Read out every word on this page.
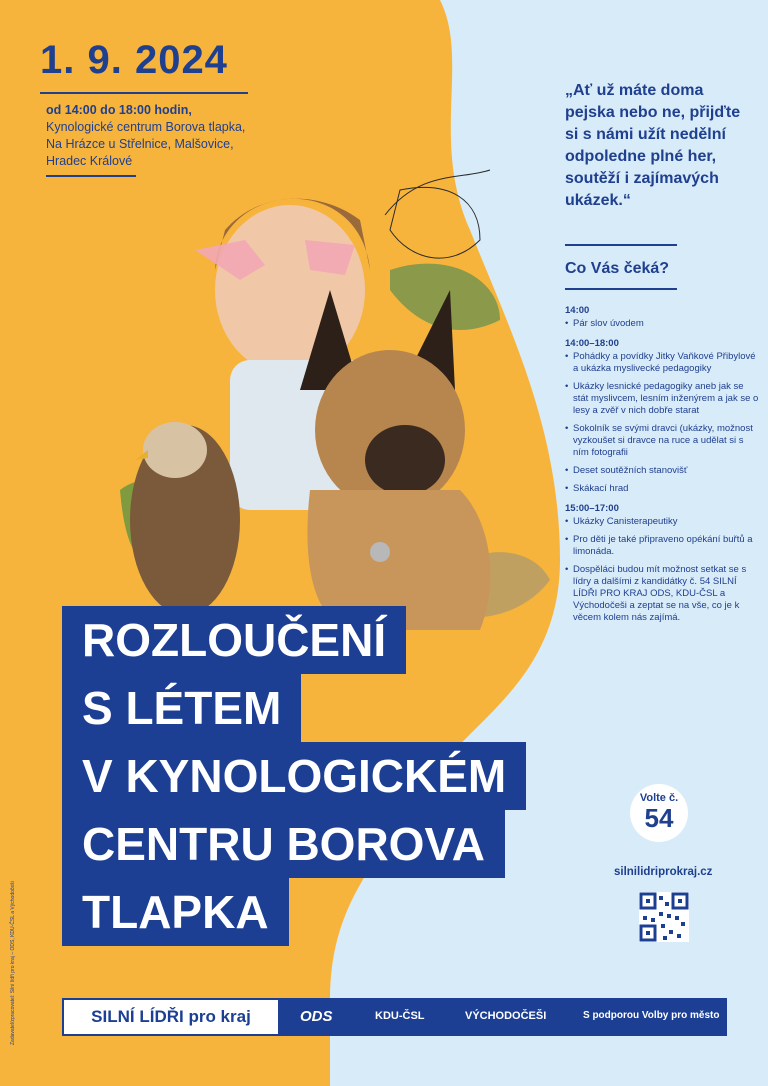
1. 9. 2024
od 14:00 do 18:00 hodin,
Kynologické centrum Borova tlapka,
Na Hrázce u Střelnice, Malšovice,
Hradec Králové
„Ať už máte doma pejska nebo ne, přijďte si s námi užít nedělní odpoledne plné her, soutěží i zajímavých ukázek.“
Co Vás čeká?
14:00
• Pár slov úvodem
14:00–18:00
• Pohádky a povídky Jitky Vaňkové Přibylové a ukázka myslivecké pedagogiky
• Ukázky lesnické pedagogiky aneb jak se stát myslivcem, lesním inženýrem a jak se o lesy a zvěř v nich dobře starat
• Sokolník se svými dravci (ukázky, možnost vyzkoušet si dravce na ruce a udělat si s ním fotografii
• Deset soutěžních stanovišť
• Skákací hrad
15:00–17:00
• Ukázky Canisterapeutiky
• Pro děti je také připraveno opékání buřtů a limonáda.
• Dospěláci budou mít možnost setkat se s lídry a dalšími z kandidátky č. 54 SILNÍ LÍDŘI PRO KRAJ ODS, KDU-ČSL a Východočeši a zeptat se na vše, co je k věcem kolem nás zajímá.
ROZLOUČENÍ
S LÉTEM
V KYNOLOGICKÉM
CENTRU BOROVA
TLAPKA
Volte č.
54
silnilidriprokraj.cz
SILNÍ LÍDŘI pro kraj	ODS	KDU-ČSL	VÝCHODOČEŠI	S podporou Volby pro město
Zadavatel/zpracovatel: Silní lídři pro kraj – ODS, KDU-ČSL a Východočeši
